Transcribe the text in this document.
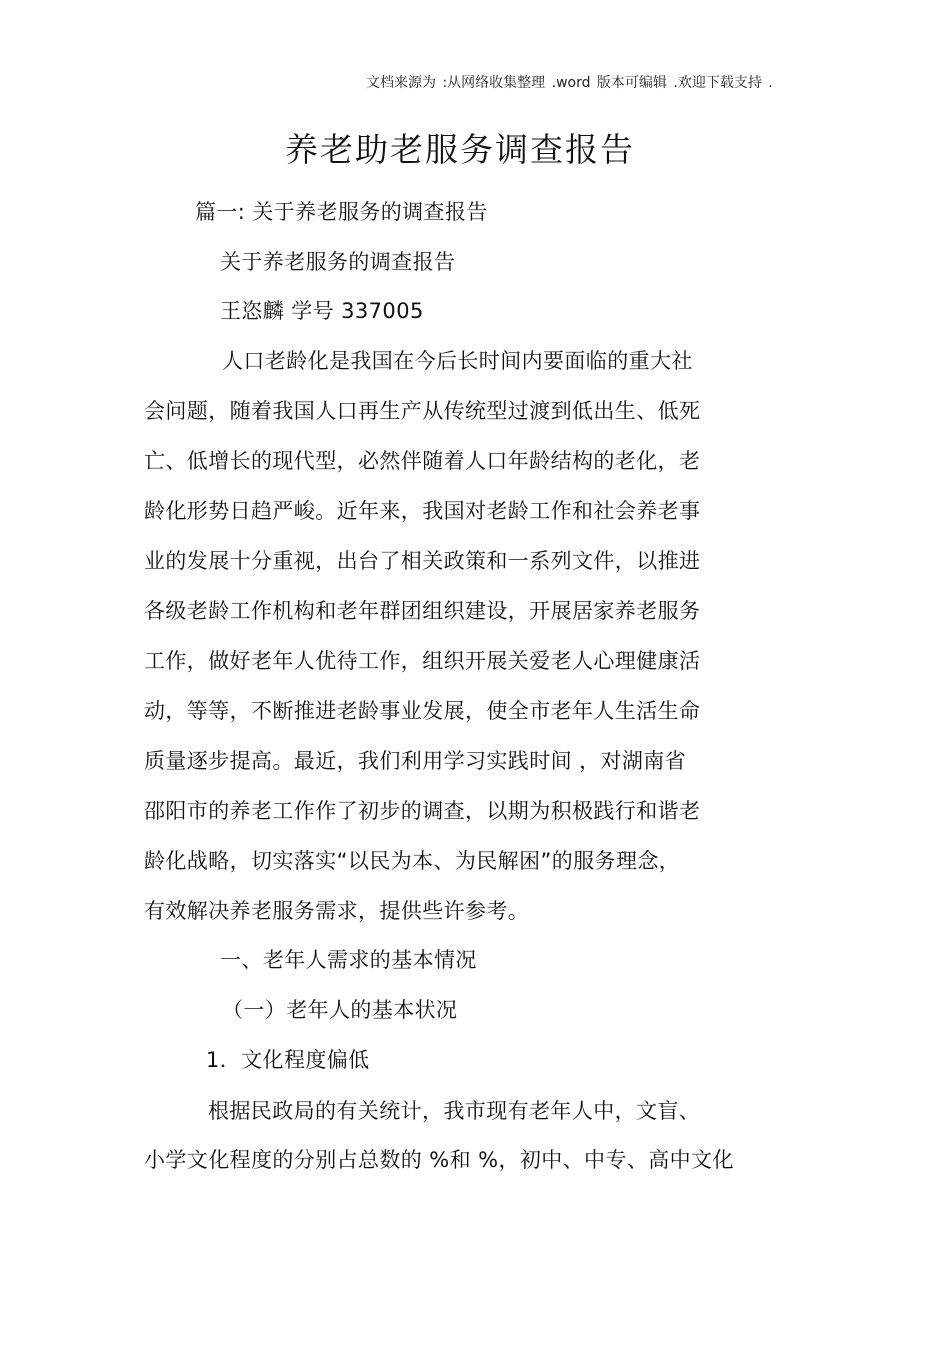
文档来源为 :从网络收集整理 .word 版本可编辑 .欢迎下载支持 .
养老助老服务调查报告
篇一: 关于养老服务的调查报告
关于养老服务的调查报告
王恣麟 学号 337005
人口老龄化是我国在今后长时间内要面临的重大社
会问题，随着我国人口再生产从传统型过渡到低出生、低死
亡、低增长的现代型，必然伴随着人口年龄结构的老化，老
龄化形势日趋严峻。近年来，我国对老龄工作和社会养老事
业的发展十分重视，出台了相关政策和一系列文件，以推进
各级老龄工作机构和老年群团组织建设，开展居家养老服务
工作，做好老年人优待工作，组织开展关爱老人心理健康活
动，等等，不断推进老龄事业发展，使全市老年人生活生命
质量逐步提高。最近，我们利用学习实践时间 ，对湖南省
邵阳市的养老工作作了初步的调查，以期为积极践行和谐老
龄化战略，切实落实“以民为本、为民解困”的服务理念，
有效解决养老服务需求，提供些许参考。
一、老年人需求的基本情况
（一）老年人的基本状况
1．文化程度偏低
根据民政局的有关统计，我市现有老年人中，文盲、
小学文化程度的分别占总数的 %和 %，初中、中专、高中文化
